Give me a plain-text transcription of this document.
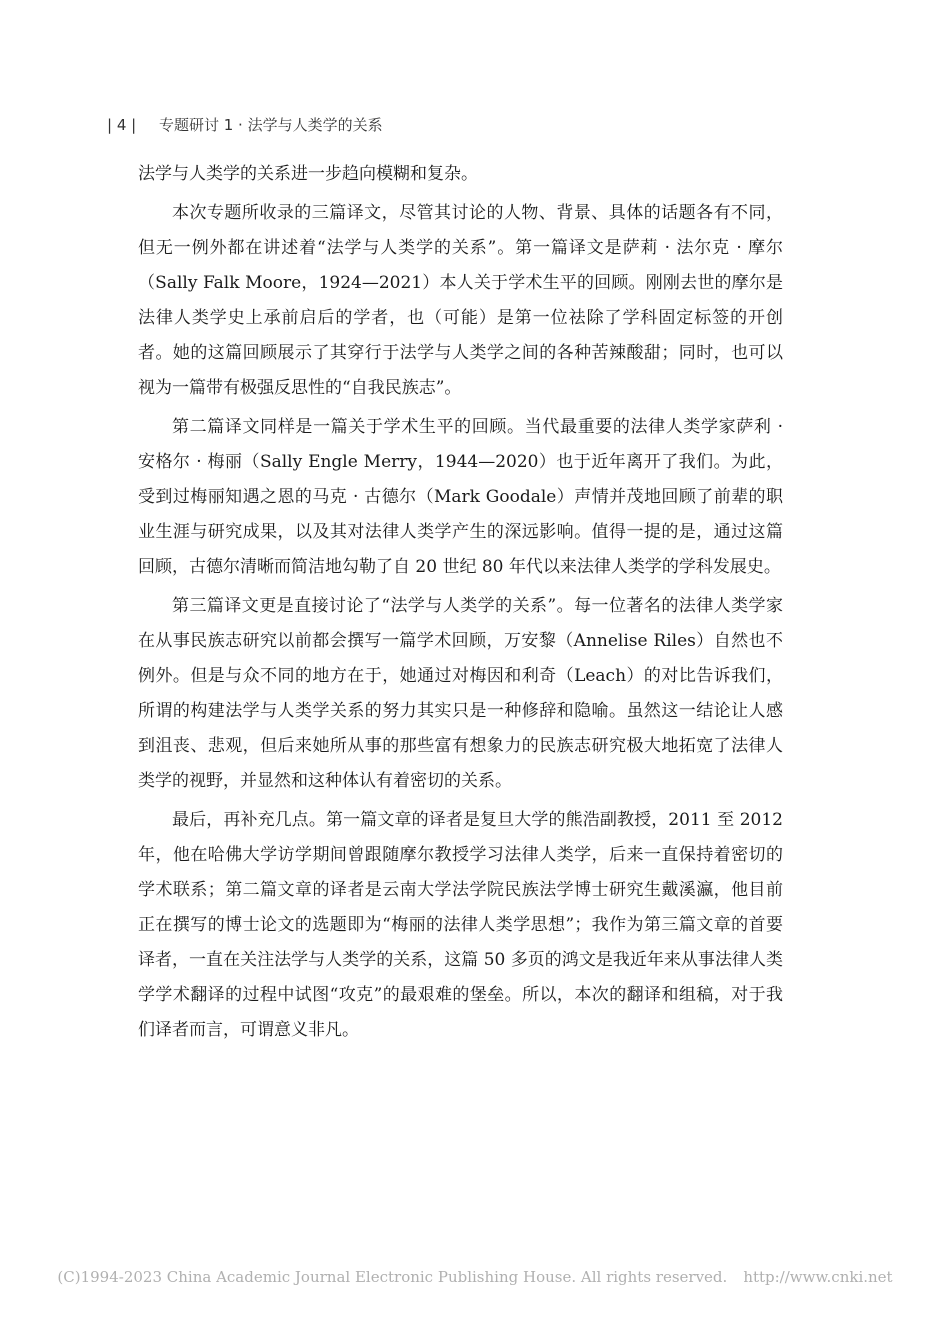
| 4 | 专题研讨 1 · 法学与人类学的关系

法学与人类学的关系进一步趋向模糊和复杂。

本次专题所收录的三篇译文，尽管其讨论的人物、背景、具体的话题各有不同，但无一例外都在讲述着“法学与人类学的关系”。第一篇译文是萨莉 · 法尔克 · 摩尔（Sally Falk Moore，1924—2021）本人关于学术生平的回顾。刚刚去世的摩尔是法律人类学史上承前启后的学者，也（可能）是第一位祛除了学科固定标签的开创者。她的这篇回顾展示了其穿行于法学与人类学之间的各种苦辣酸甜；同时，也可以视为一篇带有极强反思性的“自我民族志”。

第二篇译文同样是一篇关于学术生平的回顾。当代最重要的法律人类学家萨利 · 安格尔 · 梅丽（Sally Engle Merry，1944—2020）也于近年离开了我们。为此，受到过梅丽知遇之恩的马克 · 古德尔（Mark Goodale）声情并茂地回顾了前辈的职业生涯与研究成果，以及其对法律人类学产生的深远影响。值得一提的是，通过这篇回顾，古德尔清晰而简洁地勾勒了自 20 世纪 80 年代以来法律人类学的学科发展史。

第三篇译文更是直接讨论了“法学与人类学的关系”。每一位著名的法律人类学家在从事民族志研究以前都会撰写一篇学术回顾，万安黎（Annelise Riles）自然也不例外。但是与众不同的地方在于，她通过对梅因和利奇（Leach）的对比告诉我们，所谓的构建法学与人类学关系的努力其实只是一种修辞和隐喻。虽然这一结论让人感到沮丧、悲观，但后来她所从事的那些富有想象力的民族志研究极大地拓宽了法律人类学的视野，并显然和这种体认有着密切的关系。

最后，再补充几点。第一篇文章的译者是复旦大学的熊浩副教授，2011 至 2012 年，他在哈佛大学访学期间曾跟随摩尔教授学习法律人类学，后来一直保持着密切的学术联系；第二篇文章的译者是云南大学法学院民族法学博士研究生戴溪瀛，他目前正在撰写的博士论文的选题即为“梅丽的法律人类学思想”；我作为第三篇文章的首要译者，一直在关注法学与人类学的关系，这篇 50 多页的鸿文是我近年来从事法律人类学学术翻译的过程中试图“攻克”的最艰难的堡垒。所以，本次的翻译和组稿，对于我们译者而言，可谓意义非凡。

(C)1994-2023 China Academic Journal Electronic Publishing House. All rights reserved. http://www.cnki.net
